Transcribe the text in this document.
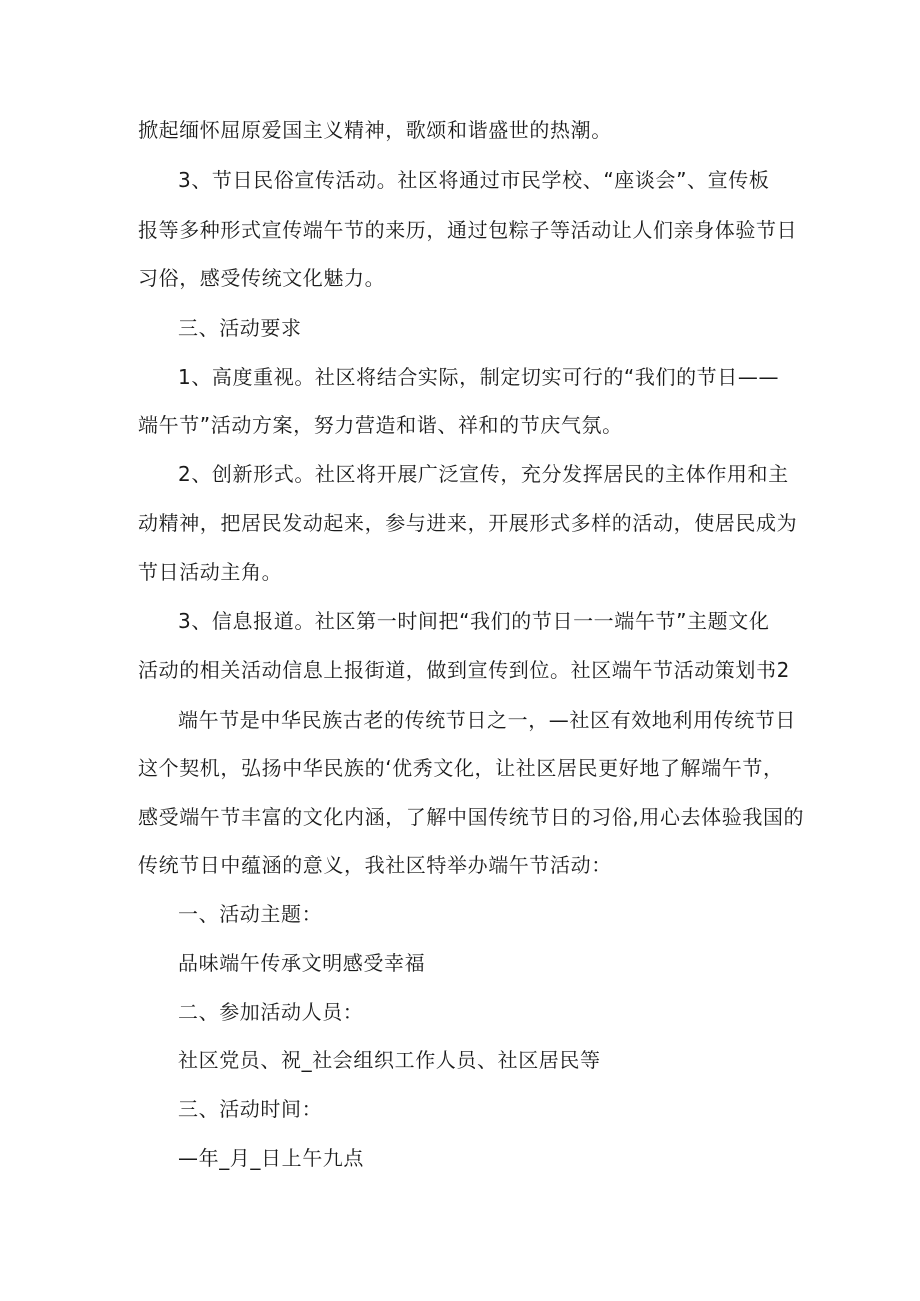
掀起缅怀屈原爱国主义精神，歌颂和谐盛世的热潮。
3、节日民俗宣传活动。社区将通过市民学校、“座谈会”、宣传板
报等多种形式宣传端午节的来历，通过包粽子等活动让人们亲身体验节日
习俗，感受传统文化魅力。
三、活动要求
1、高度重视。社区将结合实际，制定切实可行的“我们的节日——
端午节”活动方案，努力营造和谐、祥和的节庆气氛。
2、创新形式。社区将开展广泛宣传，充分发挥居民的主体作用和主
动精神，把居民发动起来，参与进来，开展形式多样的活动，使居民成为
节日活动主角。
3、信息报道。社区第一时间把“我们的节日一一端午节”主题文化
活动的相关活动信息上报街道，做到宣传到位。社区端午节活动策划书2
端午节是中华民族古老的传统节日之一，—社区有效地利用传统节日
这个契机，弘扬中华民族的‘优秀文化，让社区居民更好地了解端午节，
感受端午节丰富的文化内涵，了解中国传统节日的习俗,用心去体验我国的
传统节日中蕴涵的意义，我社区特举办端午节活动：
一、活动主题：
品味端午传承文明感受幸福
二、参加活动人员：
社区党员、祝_社会组织工作人员、社区居民等
三、活动时间：
—年_月_日上午九点
